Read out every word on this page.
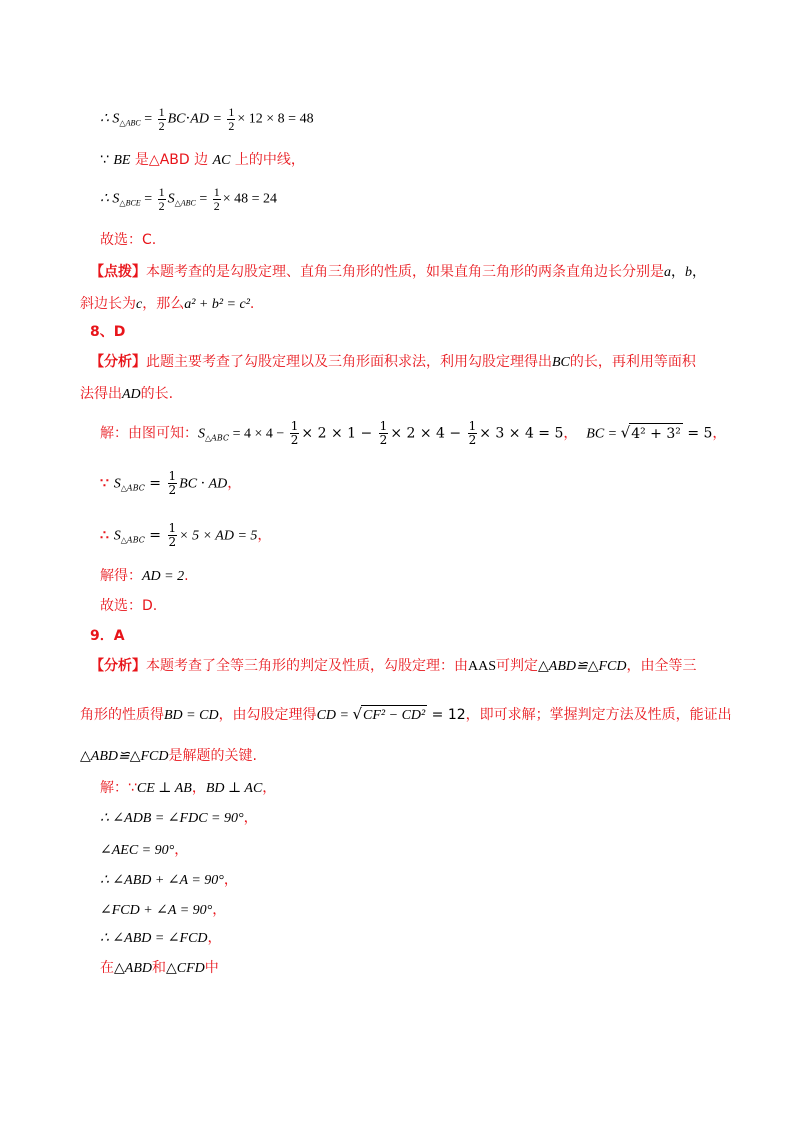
∴ $S_{\triangle ABC} = \frac{1}{2} BC\cdot AD = \frac{1}{2} \times 12 \times 8 = 48$
∵ BE 是△ABD 边 AC 上的中线，
∴ $S_{\triangle BCE} = \frac{1}{2} S_{\triangle ABC} = \frac{1}{2} \times 48 = 24$
故选：C.
【点拨】本题考查的是勾股定理、直角三角形的性质，如果直角三角形的两条直角边长分别是a，b，
斜边长为c，那么a² + b² = c².
8、D
【分析】此题主要考查了勾股定理以及三角形面积求法，利用勾股定理得出BC的长，再利用等面积
法得出AD的长.
解：由图可知：$S_{\triangle ABC} = 4 \times 4 - \frac{1}{2} \times 2 \times 1 - \frac{1}{2} \times 2 \times 4 - \frac{1}{2} \times 3 \times 4 = 5$， BC = √4² + 3² = 5，
∵ $S_{\triangle ABC} = \frac{1}{2}$ BC ⋅ AD，
∴ $S_{\triangle ABC} = \frac{1}{2} \times 5$ × AD = 5，
解得：AD = 2.
故选：D.
9．A
【分析】本题考查了全等三角形的判定及性质，勾股定理：由AAS可判定△ABD≌△FCD，由全等三
角形的性质得BD = CD，由勾股定理得CD = √CF² − CD² = 12，即可求解；掌握判定方法及性质，能证出
△ABD≌△FCD是解题的关键.
解：∵CE ⊥ AB，BD ⊥ AC，
∴ ∠ADB = ∠FDC = 90°，
∠AEC = 90°，
∴ ∠ABD + ∠A = 90°，
∠FCD + ∠A = 90°，
∴ ∠ABD = ∠FCD，
在△ABD和△CFD中
